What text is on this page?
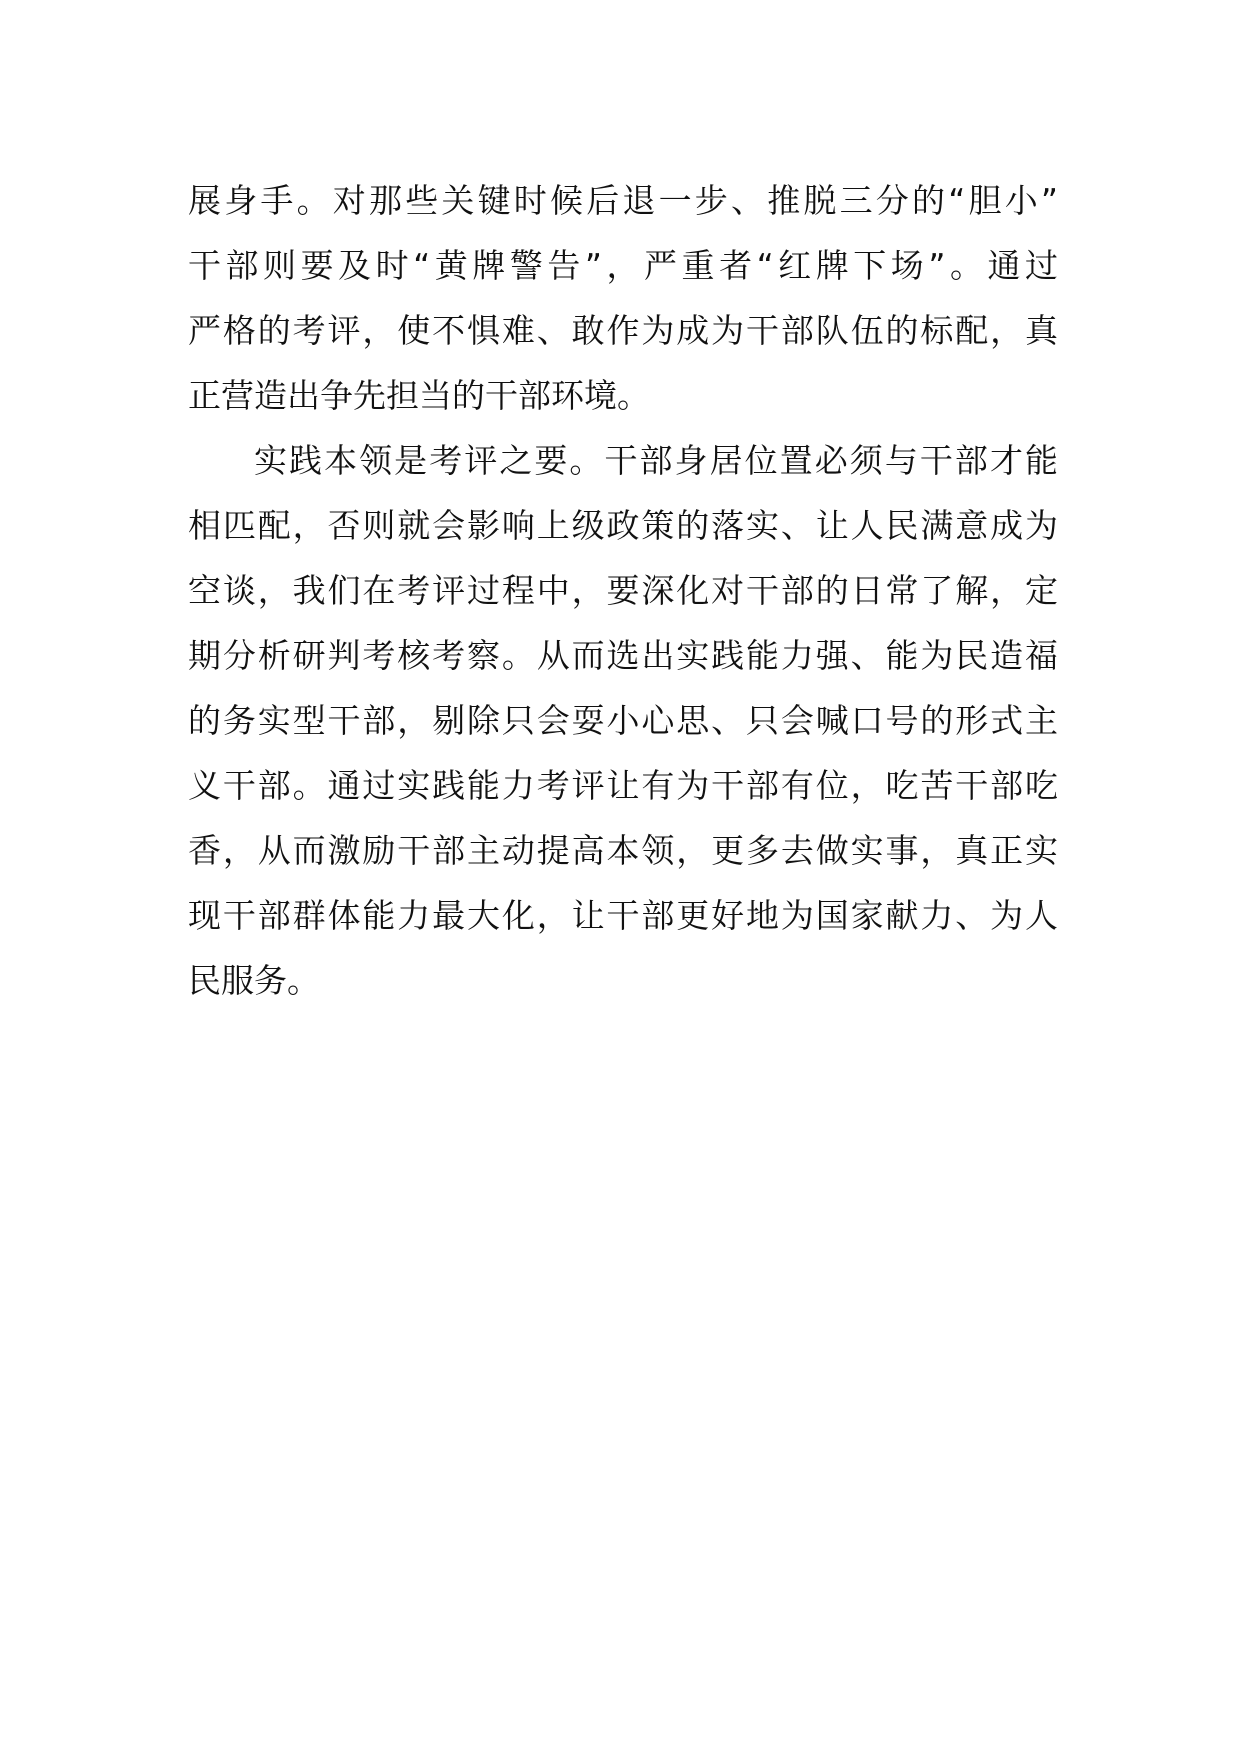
展身手。对那些关键时候后退一步、推脱三分的“胆小”
干部则要及时“黄牌警告”，严重者“红牌下场”。通过
严格的考评，使不惧难、敢作为成为干部队伍的标配，真
正营造出争先担当的干部环境。
实践本领是考评之要。干部身居位置必须与干部才能
相匹配，否则就会影响上级政策的落实、让人民满意成为
空谈，我们在考评过程中，要深化对干部的日常了解，定
期分析研判考核考察。从而选出实践能力强、能为民造福
的务实型干部，剔除只会耍小心思、只会喊口号的形式主
义干部。通过实践能力考评让有为干部有位，吃苦干部吃
香，从而激励干部主动提高本领，更多去做实事，真正实
现干部群体能力最大化，让干部更好地为国家献力、为人
民服务。
